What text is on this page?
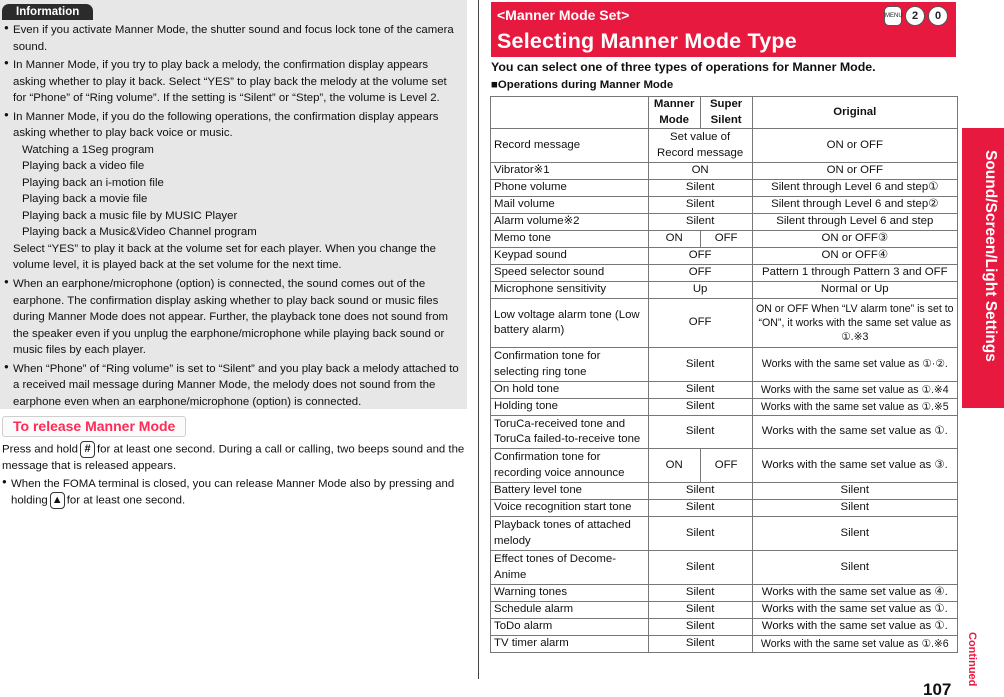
Information
● Even if you activate Manner Mode, the shutter sound and focus lock tone of the camera sound.
● In Manner Mode, if you try to play back a melody, the confirmation display appears asking whether to play it back. Select “YES” to play back the melody at the volume set for “Phone” of “Ring volume”. If the setting is “Silent” or “Step”, the volume is Level 2.
● In Manner Mode, if you do the following operations, the confirmation display appears asking whether to play back voice or music.
Watching a 1Seg program
Playing back a video file
Playing back an i-motion file
Playing back a movie file
Playing back a music file by MUSIC Player
Playing back a Music&Video Channel program
Select “YES” to play it back at the volume set for each player. When you change the volume level, it is played back at the set volume for the next time.
● When an earphone/microphone (option) is connected, the sound comes out of the earphone. The confirmation display asking whether to play back sound or music files during Manner Mode does not appear. Further, the playback tone does not sound from the speaker even if you unplug the earphone/microphone while playing back sound or music files by each player.
● When “Phone” of “Ring volume” is set to “Silent” and you play back a melody attached to a received mail message during Manner Mode, the melody does not sound from the earphone even when an earphone/microphone (option) is connected.
To release Manner Mode

Press and hold # for at least one second. During a call or calling, two beeps sound and the message that is released appears.

● When the FOMA terminal is closed, you can release Manner Mode also by pressing and holding ▲ for at least one second.

<Manner Mode Set>
Selecting Manner Mode Type
MENU 2	0
You can select one of three types of operations for Manner Mode.
■Operations during Manner Mode
	Manner Mode	Super Silent	Original
Record message	Set value of Record message		ON or OFF
Vibrator※1	ON		ON or OFF
Phone volume	Silent		Silent through Level 6 and step①
Mail volume	Silent		Silent through Level 6 and step②
Alarm volume※2	Silent		Silent through Level 6 and step
Memo tone	ON	OFF	ON or OFF③
Keypad sound	OFF		ON or OFF④
Speed selector sound	OFF		Pattern 1 through Pattern 3 and OFF
Microphone sensitivity	Up		Normal or Up
Low voltage alarm tone (Low battery alarm)	OFF		ON or OFF When “LV alarm tone” is set to “ON”, it works with the same set value as ①.※3
Confirmation tone for selecting ring tone	Silent		Works with the same set value as ①·②.
On hold tone	Silent		Works with the same set value as ①.※4
Holding tone	Silent		Works with the same set value as ①.※5
ToruCa-received tone and ToruCa failed-to-receive tone	Silent		Works with the same set value as ①.
Confirmation tone for recording voice announce	ON	OFF	Works with the same set value as ③.
Battery level tone	Silent		Silent
Voice recognition start tone	Silent		Silent
Playback tones of attached melody	Silent		Silent
Effect tones of Decome-Anime	Silent		Silent
Warning tones	Silent		Works with the same set value as ④.
Schedule alarm	Silent		Works with the same set value as ①.
ToDo alarm	Silent		Works with the same set value as ①.
TV timer alarm	Silent		Works with the same set value as ①.※6
Sound/Screen/Light Settings
Continued
107
